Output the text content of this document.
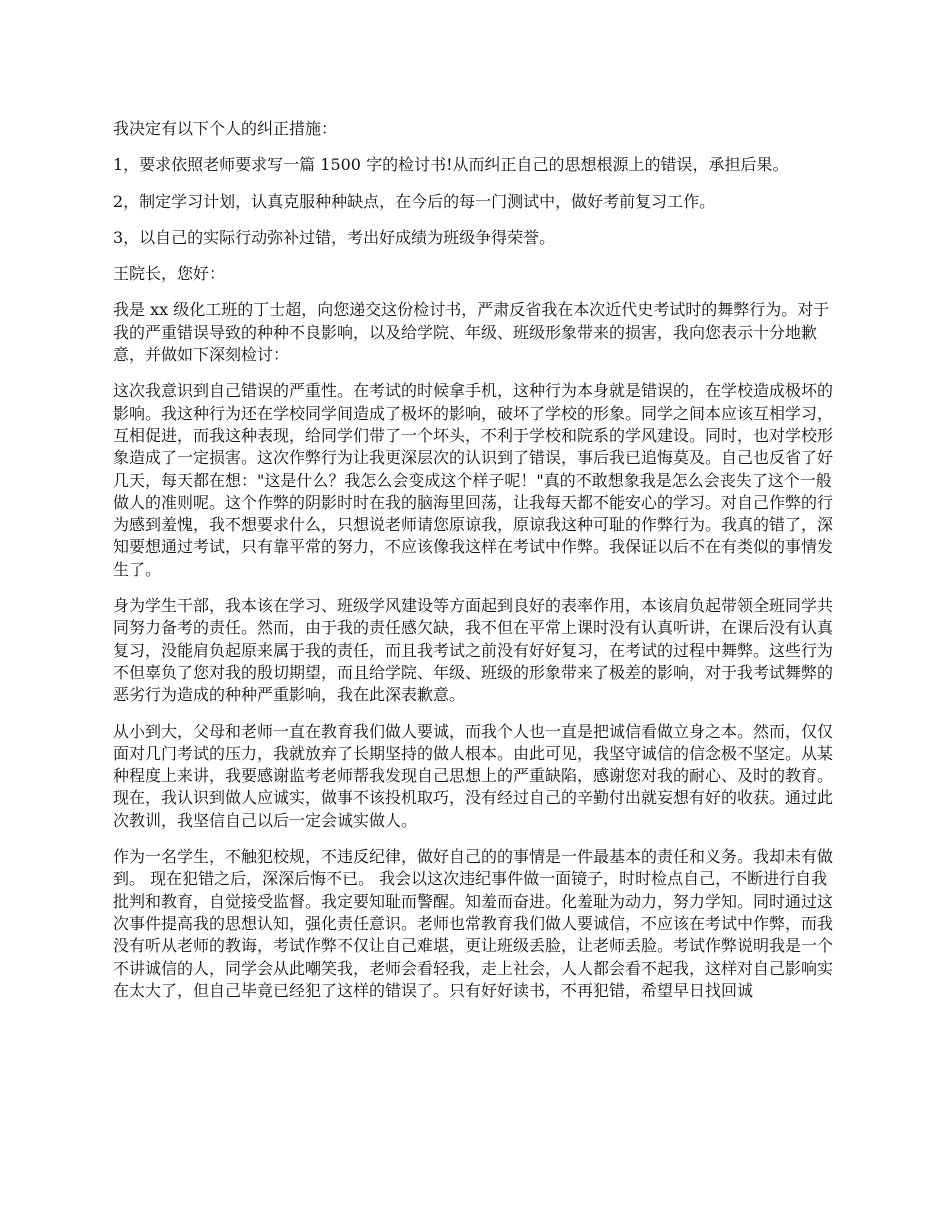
我决定有以下个人的纠正措施：

1，要求依照老师要求写一篇 1500 字的检讨书!从而纠正自己的思想根源上的错误，承担后果。

2，制定学习计划，认真克服种种缺点，在今后的每一门测试中，做好考前复习工作。

3，以自己的实际行动弥补过错，考出好成绩为班级争得荣誉。

王院长，您好：

我是 xx 级化工班的丁士超，向您递交这份检讨书，严肃反省我在本次近代史考试时的舞弊行为。对于我的严重错误导致的种种不良影响，以及给学院、年级、班级形象带来的损害，我向您表示十分地歉意，并做如下深刻检讨：

这次我意识到自己错误的严重性。在考试的时候拿手机，这种行为本身就是错误的，在学校造成极坏的影响。我这种行为还在学校同学间造成了极坏的影响，破坏了学校的形象。同学之间本应该互相学习，互相促进，而我这种表现，给同学们带了一个坏头，不利于学校和院系的学风建设。同时，也对学校形象造成了一定损害。这次作弊行为让我更深层次的认识到了错误，事后我已追悔莫及。自己也反省了好几天，每天都在想："这是什么？我怎么会变成这个样子呢！"真的不敢想象我是怎么会丧失了这个一般做人的准则呢。这个作弊的阴影时时在我的脑海里回荡，让我每天都不能安心的学习。对自己作弊的行为感到羞愧，我不想要求什么，只想说老师请您原谅我，原谅我这种可耻的作弊行为。我真的错了，深知要想通过考试，只有靠平常的努力，不应该像我这样在考试中作弊。我保证以后不在有类似的事情发生了。

身为学生干部，我本该在学习、班级学风建设等方面起到良好的表率作用，本该肩负起带领全班同学共同努力备考的责任。然而，由于我的责任感欠缺，我不但在平常上课时没有认真听讲，在课后没有认真复习，没能肩负起原来属于我的责任，而且我考试之前没有好好复习，在考试的过程中舞弊。这些行为不但辜负了您对我的殷切期望，而且给学院、年级、班级的形象带来了极差的影响，对于我考试舞弊的恶劣行为造成的种种严重影响，我在此深表歉意。

从小到大，父母和老师一直在教育我们做人要诚，而我个人也一直是把诚信看做立身之本。然而，仅仅面对几门考试的压力，我就放弃了长期坚持的做人根本。由此可见，我坚守诚信的信念极不坚定。从某种程度上来讲，我要感谢监考老师帮我发现自己思想上的严重缺陷，感谢您对我的耐心、及时的教育。现在，我认识到做人应诚实，做事不该投机取巧，没有经过自己的辛勤付出就妄想有好的收获。通过此次教训，我坚信自己以后一定会诚实做人。

作为一名学生，不触犯校规，不违反纪律，做好自己的的事情是一件最基本的责任和义务。我却未有做到。 现在犯错之后，深深后悔不已。 我会以这次违纪事件做一面镜子，时时检点自己，不断进行自我批判和教育，自觉接受监督。我定要知耻而警醒。知羞而奋进。化羞耻为动力，努力学知。同时通过这次事件提高我的思想认知，强化责任意识。老师也常教育我们做人要诚信，不应该在考试中作弊，而我没有听从老师的教诲，考试作弊不仅让自己难堪，更让班级丢脸，让老师丢脸。考试作弊说明我是一个不讲诚信的人，同学会从此嘲笑我，老师会看轻我，走上社会，人人都会看不起我，这样对自己影响实在太大了，但自己毕竟已经犯了这样的错误了。只有好好读书，不再犯错，希望早日找回诚
